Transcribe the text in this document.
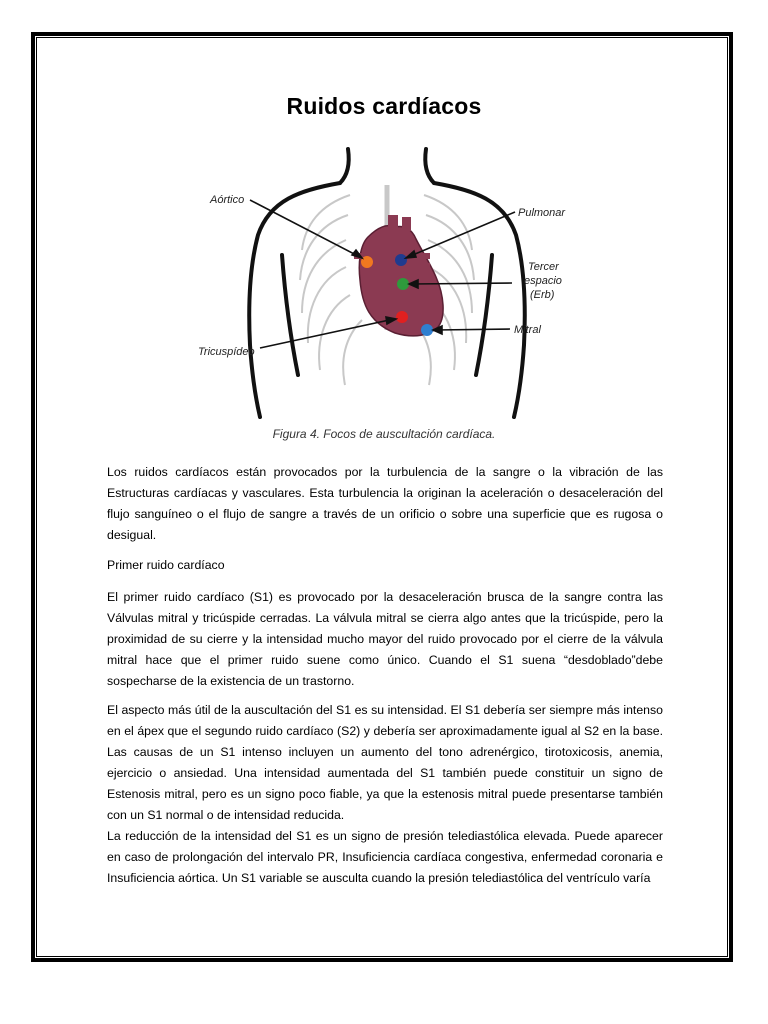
Ruidos cardíacos
Aórtico
Pulmonar
Tercer
espacio
(Erb)
Mitral
Tricuspídeo
Figura 4. Focos de auscultación cardíaca.
Los ruidos cardíacos están provocados por la turbulencia de la sangre o la vibración de las Estructuras cardíacas y vasculares. Esta turbulencia la originan la aceleración o desaceleración del flujo sanguíneo o el flujo de sangre a través de un orificio o sobre una superficie que es rugosa o desigual.
Primer ruido cardíaco
El primer ruido cardíaco (S1) es provocado por la desaceleración brusca de la sangre contra las Válvulas mitral y tricúspide cerradas. La válvula mitral se cierra algo antes que la tricúspide, pero la proximidad de su cierre y la intensidad mucho mayor del ruido provocado por el cierre de la válvula mitral hace que el primer ruido suene como único. Cuando el S1 suena “desdoblado”debe sospecharse de la existencia de un trastorno.
El aspecto más útil de la auscultación del S1 es su intensidad. El S1 debería ser siempre más intenso en el ápex que el segundo ruido cardíaco (S2) y debería ser aproximadamente igual al S2 en la base. Las causas de un S1 intenso incluyen un aumento del tono adrenérgico, tirotoxicosis, anemia, ejercicio o ansiedad. Una intensidad aumentada del S1 también puede constituir un signo de Estenosis mitral, pero es un signo poco fiable, ya que la estenosis mitral puede presentarse también con un S1 normal o de intensidad reducida.
La reducción de la intensidad del S1 es un signo de presión telediastólica elevada. Puede aparecer en caso de prolongación del intervalo PR, Insuficiencia cardíaca congestiva, enfermedad coronaria e Insuficiencia aórtica. Un S1 variable se ausculta cuando la presión telediastólica del ventrículo varía
